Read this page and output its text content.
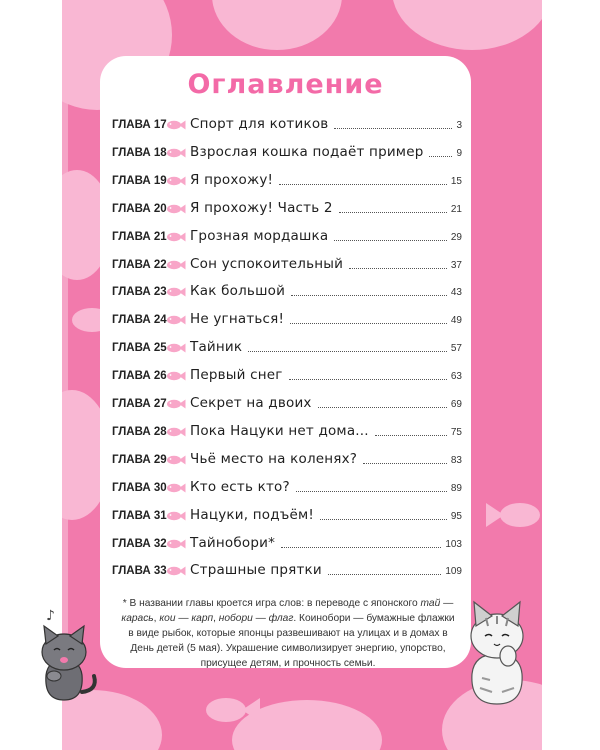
Оглавление
ГЛАВА 17 Спорт для котиков	3
ГЛАВА 18 Взрослая кошка подаёт пример	9
ГЛАВА 19 Я прохожу!	15
ГЛАВА 20 Я прохожу! Часть 2	21
ГЛАВА 21 Грозная мордашка	29
ГЛАВА 22 Сон успокоительный	37
ГЛАВА 23 Как большой	43
ГЛАВА 24 Не угнаться!	49
ГЛАВА 25 Тайник	57
ГЛАВА 26 Первый снег	63
ГЛАВА 27 Секрет на двоих	69
ГЛАВА 28 Пока Нацуки нет дома...	75
ГЛАВА 29 Чьё место на коленях?	83
ГЛАВА 30 Кто есть кто?	89
ГЛАВА 31 Нацуки, подъём!	95
ГЛАВА 32 Тайнобори*	103
ГЛАВА 33 Страшные прятки	109
* В названии главы кроется игра слов: в переводе с японского тай — карась, кои — карп, нобори — флаг. Коинобори — бумажные флажки в виде рыбок, которые японцы развешивают на улицах и в домах в День детей (5 мая). Украшение символизирует энергию, упорство, присущее детям, и прочность семьи.
♪
